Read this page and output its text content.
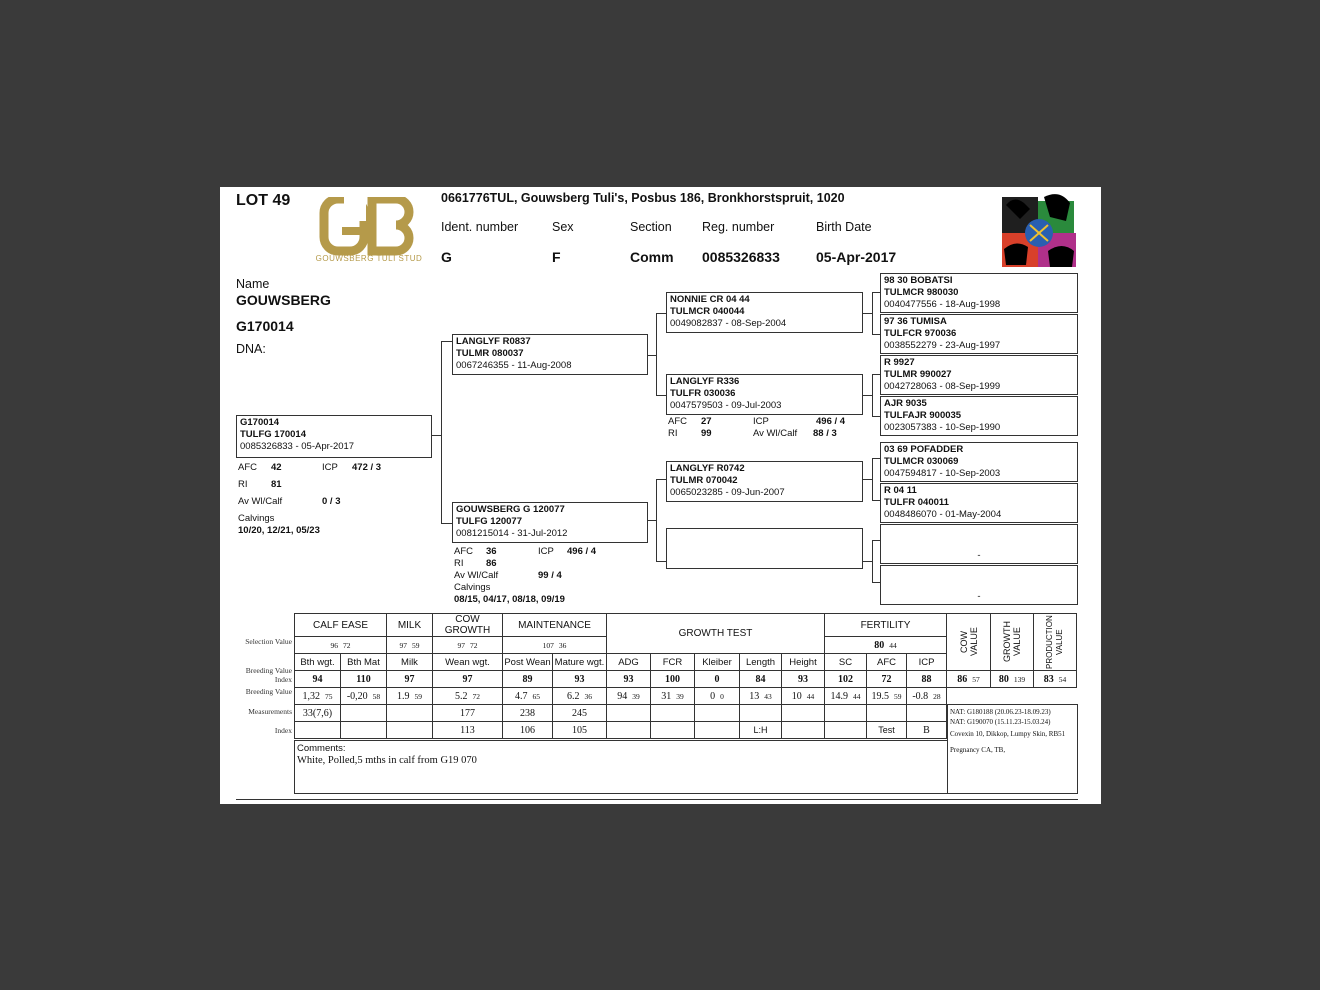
LOT 49
GOUWSBERG TULI STUD
0661776TUL, Gouwsberg Tuli's, Posbus 186, Bronkhorstspruit, 1020
Ident. number	Sex	Section Reg. number	Birth Date
G	F	Comm 0085326833	05-Apr-2017
Name
GOUWSBERG
G170014
DNA:
G170014
TULFG 170014
0085326833 - 05-Apr-2017
AFC 42	ICP 472 / 3
RI 81
Av Wl/Calf	0 / 3
Calvings
10/20, 12/21, 05/23
LANGLYF R0837
TULMR 080037
0067246355 - 11-Aug-2008
GOUWSBERG G 120077
TULFG 120077
0081215014 - 31-Jul-2012
AFC 36	ICP 496 / 4
RI 86
Av Wl/Calf	99 / 4
Calvings
08/15, 04/17, 08/18, 09/19
NONNIE CR 04 44
TULMCR 040044
0049082837 - 08-Sep-2004
LANGLYF R336
TULFR 030036
0047579503 - 09-Jul-2003
AFC 27	ICP	496 / 4
RI 99	Av Wl/Calf 88 / 3
LANGLYF R0742
TULMR 070042
0065023285 - 09-Jun-2007
98 30 BOBATSI
TULMCR 980030
0040477556 - 18-Aug-1998
97 36 TUMISA
TULFCR 970036
0038552279 - 23-Aug-1997
R 9927
TULMR 990027
0042728063 - 08-Sep-1999
AJR 9035
TULFAJR 900035
0023057383 - 10-Sep-1990
03 69 POFADDER
TULMCR 030069
0047594817 - 10-Sep-2003
R 04 11
TULFR 040011
0048486070 - 01-May-2004
-
-
Selection Value
Breeding Value
Index
Breeding Value
Measurements
Index
CALF EASE		MILK	COW GROWTH	MAINTENANCE		GROWTH TEST					FERTILITY			COW VALUE	GROWTH VALUE	PRODUCTION VALUE

96 72		97 59	97 72	107 36							80 44					
Bth wgt.	Bth Mat	Milk	Wean wgt.	Post Wean	Mature wgt.	ADG	FCR	Kleiber	Length	Height	SC	AFC	ICP			
94	110	97	97	89	93	93	100	0	84	93	102	72	88	86 57	80 139	83 54
1,32 75	-0,20 58	1.9 59	5.2 72	4.7 65	6.2 36	94 39	31 39	0 0	13 43	10 44	14.9 44	19.5 59	-0.8 28			
33(7,6)			177	238	245											
			113	106	105				L:H			Test	B			
Comments:
White, Polled,5 mths in calf from G19 070
NAT: G180188 (20.06.23-18.09.23)
NAT: G190070 (15.11.23-15.03.24)
Covexin 10, Dikkop, Lumpy Skin, RB51
Pregnancy CA, TB,
